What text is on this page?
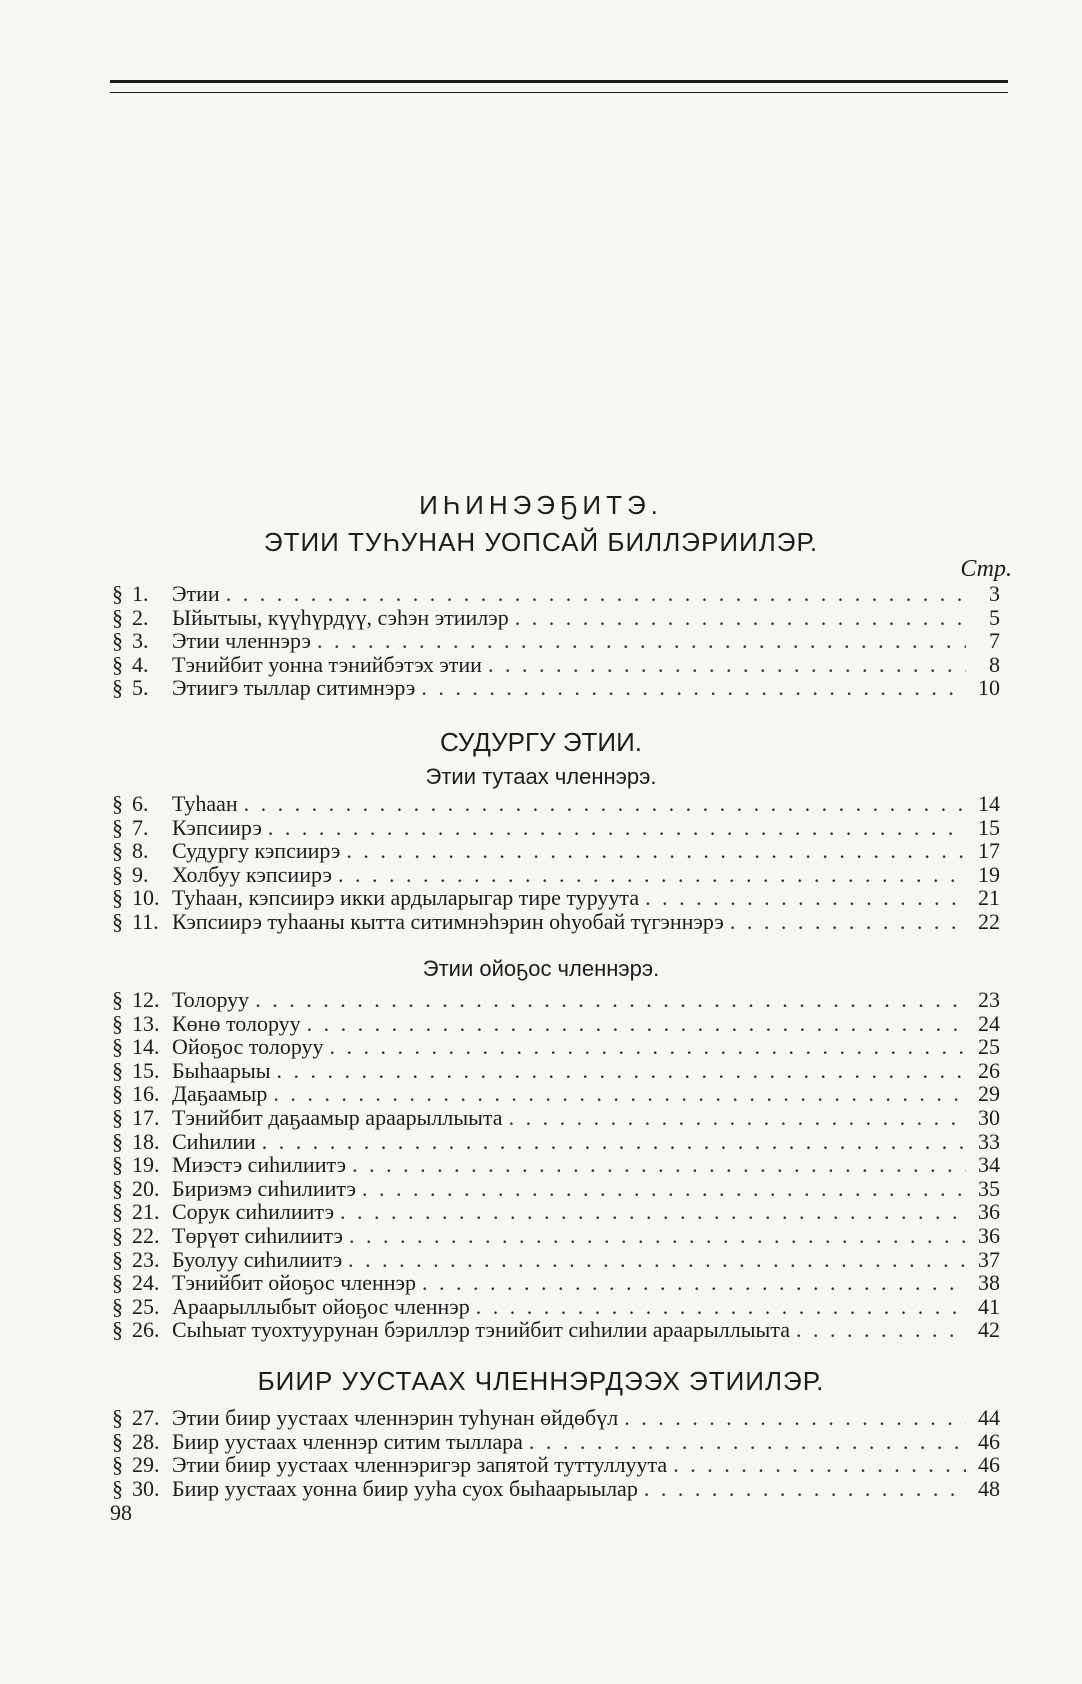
ИҺИНЭЭҔИТЭ.
ЭТИИ ТУҺУНАН УОПСАЙ БИЛЛЭРИИЛЭР.
Стр.
§ 1.	Этии . . .	3
§ 2.	Ыйытыы, күүһүрдүү, сэһэн этиилэр . . .	5
§ 3.	Этии членнэрэ . . .	7
§ 4.	Тэнийбит уонна тэнийбэтэх этии . . .	8
§ 5.	Этиигэ тыллар ситимнэрэ . . .	10
СУДУРГУ ЭТИИ.
Этии тутаах членнэрэ.
§ 6.	Туһаан . . .	14
§ 7.	Кэпсиирэ . . .	15
§ 8.	Судургу кэпсиирэ . . .	17
§ 9.	Холбуу кэпсиирэ . . .	19
§ 10. Туһаан, кэпсиирэ икки ардыларыгар тире туруута . . .	21
§ 11. Кэпсиирэ туһааны кытта ситимнэһэрин оһуобай түгэннэрэ . . .	22
Этии ойоҕос членнэрэ.
§ 12. Толоруу . . .	23
§ 13. Көнө толоруу . . .	24
§ 14. Ойоҕос толоруу . . .	25
§ 15. Быһаарыы . . .	26
§ 16. Даҕаамыр . . .	29
§ 17. Тэнийбит даҕаамыр араарыллыыта . . .	30
§ 18. Сиһилии . . .	33
§ 19. Миэстэ сиһилиитэ . . .	34
§ 20. Бириэмэ сиһилиитэ . . .	35
§ 21. Сорук сиһилиитэ . . .	36
§ 22. Төрүөт сиһилиитэ . . .	36
§ 23. Буолуу сиһилиитэ . . .	37
§ 24. Тэнийбит ойоҕос членнэр . . .	38
§ 25. Араарыллыбыт ойоҕос членнэр . . .	41
§ 26. Сыһыат туохтуурунан бэриллэр тэнийбит сиһилии араарыллыыта . . .	42
БИИР УУСТААХ ЧЛЕННЭРДЭЭХ ЭТИИЛЭР.
§ 27. Этии биир уустаах членнэрин туһунан өйдөбүл . . .	44
§ 28. Биир уустаах членнэр ситим тыллара . . .	46
§ 29. Этии биир уустаах членнэригэр запятой туттуллуута . . .	46
§ 30. Биир уустаах уонна биир ууһа суох быһаарыылар . . .	48
98
